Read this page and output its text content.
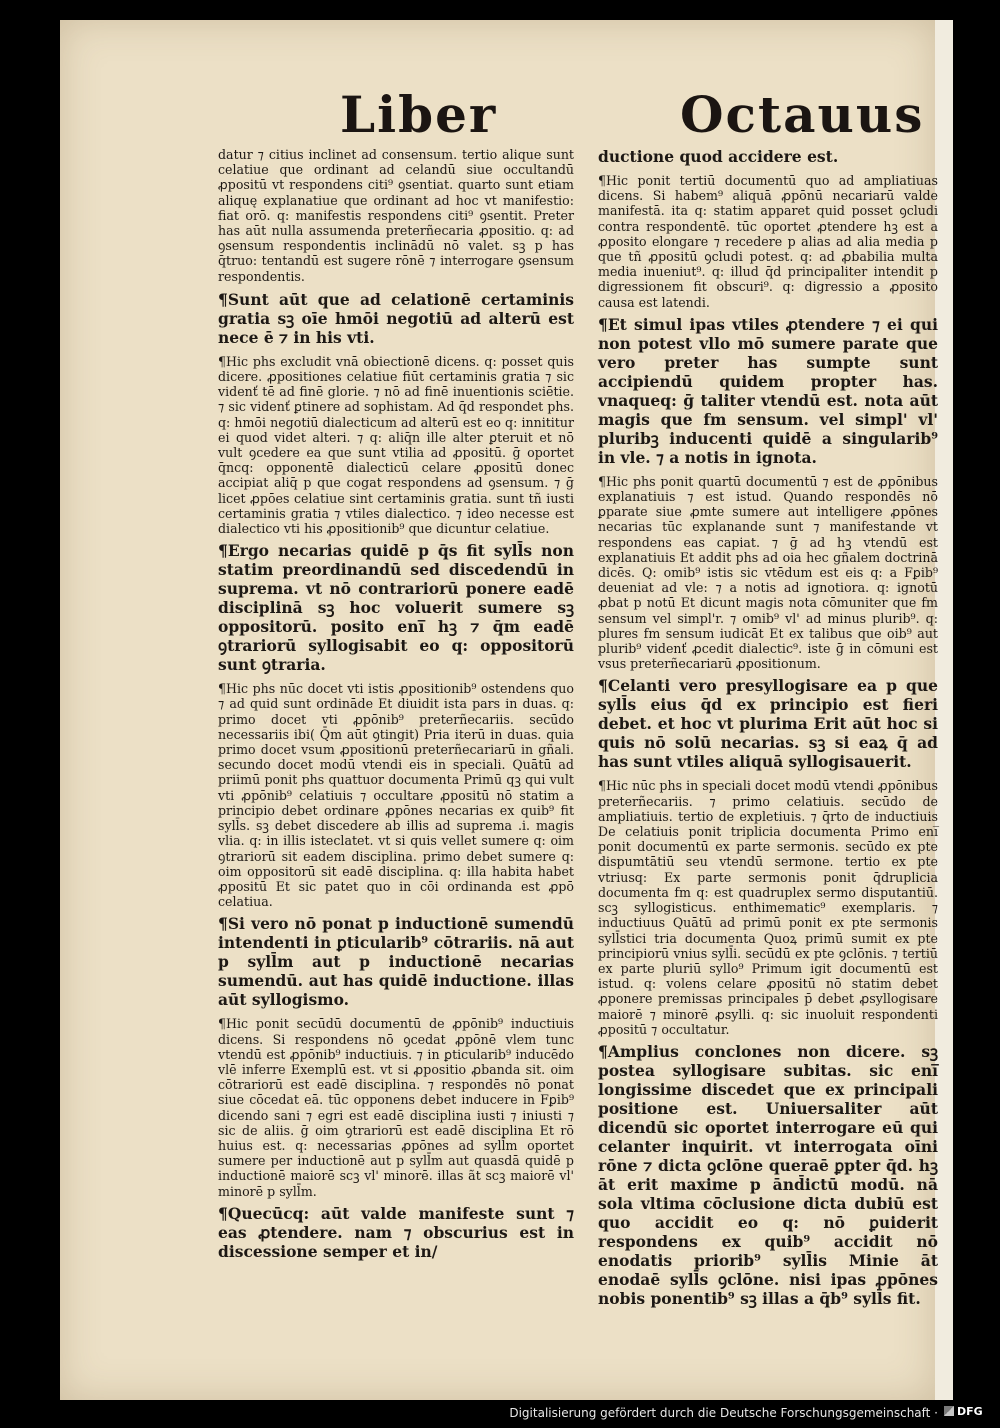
Liber	Octauus

datur ⁊ citius inclinet ad consensum. tertio alique sunt celatiue que ordinant ad celandū siue occultandū ꝓpositū vt respondens citi⁹ ꝯsentiat. quarto sunt etiam aliquę explanatiue que ordinant ad hoc vt manifestio: fiat orō. q: manifestis respondens citi⁹ ꝯsentit. Preter has aūt nulla assumenda preterñecaria ꝓpositio. q: ad ꝯsensum respondentis inclinādū nō valet. sꝫ p has q̄truo: tentandū est sugere rōnē ⁊ interrogare ꝯsensum respondentis.

¶Sunt aūt que ad celationē certaminis gratia sꝫ oīe hmōi negotiū ad alterū est nece ē ⁊ in his vti.

¶Hic phs excludit vnā obiectionē dicens. q: posset quis dicere. ꝓpositiones celatiue fiūt certaminis gratia ⁊ sic videnť tē ad finē glorie. ⁊ nō ad finē inuentionis sciētie. ⁊ sic videnť ꝑtinere ad sophistam. Ad q̄d respondet phs. q: hmōi negotiū dialecticum ad alterū est eo q: innititur ei quod videt alteri. ⁊ q: aliq̄n ille alter ꝑteruit et nō vult ꝯcedere ea que sunt vtilia ad ꝓpositū. ḡ oportet q̄ncq: opponentē dialecticū celare ꝓpositū donec accipiat aliq̄ p que cogat respondens ad ꝯsensum. ⁊ ḡ licet ꝓpōes celatiue sint certaminis gratia. sunt tñ iusti certaminis gratia ⁊ vtiles dialectico. ⁊ ideo necesse est dialectico vti his ꝓpositionib⁹ que dicuntur celatiue.

¶Ergo necarias quidē p q̄s fit syll̄s non statim preordinandū sed discedendū in suprema. vt nō contrariorū ponere eadē disciplinā sꝫ hoc voluerit sumere sꝫ oppositorū. posito eni̅ hꝫ ⁊ q̄m eadē ꝯtrariorū syllogisabit eo q: oppositorū sunt ꝯtraria.

¶Hic phs nūc docet vti istis ꝓpositionib⁹ ostendens quo ⁊ ad quid sunt ordināde Et diuidit ista pars in duas. q: primo docet vti ꝓpōnib⁹ preterñecariis. secūdo necessariis ibi( Q̄m aūt ꝯtingit) Pria iterū in duas. quia primo docet vsum ꝓpositionū preterñecariarū in gñali. secundo docet modū vtendi eis in speciali. Quātū ad priimū ponit phs quattuor documenta Primū qꝫ qui vult vti ꝓpōnib⁹ celatiuis ⁊ occultare ꝓpositū nō statim a principio debet ordinare ꝓpōnes necarias ex quib⁹ fit syll̄s. sꝫ debet discedere ab illis ad suprema .i. magis vlia. q: in illis isteclatet. vt si quis vellet sumere q: oim ꝯtrariorū sit eadem disciplina. primo debet sumere q: oim oppositorū sit eadē disciplina. q: illa habita habet ꝓpositū Et sic patet quo in cōi ordinanda est ꝓpō celatiua.

¶Si vero nō ponat p inductionē sumendū intendenti in ꝑticularib⁹ cōtrariis. nā aut p syll̄m aut p inductionē necarias sumendū. aut has quidē inductione. illas aūt syllogismo.

¶Hic ponit secūdū documentū de ꝓpōnib⁹ inductiuis dicens. Si respondens nō ꝯcedat ꝓpōnē vlem tunc vtendū est ꝓpōnib⁹ inductiuis. ⁊ in ꝑticularib⁹ inducēdo vlē inferre Exemplū est. vt si ꝓpositio ꝓbanda sit. oim cōtrariorū est eadē disciplina. ⁊ respondēs nō ponat siue cōcedat eā. tūc opponens debet inducere in Fꝑib⁹ dicendo sani ⁊ egri est eadē disciplina iusti ⁊ iniusti ⁊ sic de aliis. ḡ oim ꝯtrariorū est eadē disciplina Et rō huius est. q: necessarias ꝓpōnes ad syll̄m oportet sumere per inductionē aut p syll̄m aut quasdā quidē p inductionē maiorē scꝫ vl' minorē. illas ãt scꝫ maiorē vl' minorē p syll̄m.

¶Quecūcq: aūt valde manifeste sunt ⁊ eas ꝓtendere. nam ⁊ obscurius est in discessione semper et in/

ductione quod accidere est.

¶Hic ponit tertiū documentū quo ad ampliatiuas dicens. Si habem⁹ aliquā ꝓpōnū necariarū valde manifestā. ita q: statim apparet quid posset ꝯcludi contra respondentē. tūc oportet ꝓtendere hꝫ est a ꝓposito elongare ⁊ recedere p alias ad alia media p que tñ ꝓpositū ꝯcludi potest. q: ad ꝓbabilia multa media inueniut⁹. q: illud q̄d principaliter intendit p digressionem fit obscuri⁹. q: digressio a ꝓposito causa est latendi.

¶Et simul ipas vtiles ꝓtendere ⁊ ei qui non potest vllo mō sumere parate que vero preter has sumpte sunt accipiendū quidem propter has. vnaqueq: ḡ taliter vtendū est. nota aūt magis que fm sensum. vel simpl' vl' pluribꝫ inducenti quidē a singularib⁹ in vle. ⁊ a notis in ignota.

¶Hic phs ponit quartū documentū ⁊ est de ꝓpōnibus explanatiuis ⁊ est istud. Quando respondēs nō ꝑparate siue ꝓmte sumere aut intelligere ꝓpōnes necarias tūc explanande sunt ⁊ manifestande vt respondens eas capiat. ⁊ ḡ ad hꝫ vtendū est explanatiuis Et addit phs ad oia hec gñalem doctrinā dicēs. Q: omib⁹ istis sic vtēdum est eis q: a Fꝑib⁹ deueniat ad vle: ⁊ a notis ad ignotiora. q: ignotū ꝓbat p notū Et dicunt magis nota cōmuniter que fm sensum vel simpl'r. ⁊ omib⁹ vl' ad minus plurib⁹. q: plures fm sensum iudicāt Et ex talibus que oib⁹ aut plurib⁹ videnť ꝓcedit dialectic⁹. iste ḡ in cōmuni est vsus preterñecariarū ꝓpositionum.

¶Celanti vero presyllogisare ea p que syll̄s eius q̄d ex principio est fieri debet. et hoc vt plurima Erit aūt hoc si quis nō solū necarias. sꝫ si eaꝝ q̄ ad has sunt vtiles aliquā syllogisauerit.

¶Hic nūc phs in speciali docet modū vtendi ꝓpōnibus preterñecariis. ⁊ primo celatiuis. secūdo de ampliatiuis. tertio de expletiuis. ⁊ q̄rto de inductiuis De celatiuis ponit triplicia documenta Primo eni̅ ponit documentū ex parte sermonis. secūdo ex pte dispumtātiū seu vtendū sermone. tertio ex pte vtriusq: Ex parte sermonis ponit q̄druplicia documenta fm q: est quadruplex sermo disputantiū. scꝫ syllogisticus. enthimematic⁹ exemplaris. ⁊ inductiuus Quātū ad primū ponit ex pte sermonis syll̄stici tria documenta Quoꝝ primū sumit ex pte principiorū vnius syll̄i. secūdū ex pte ꝯclōnis. ⁊ tertiū ex parte pluriū syllo⁹ Primum igit documentū est istud. q: volens celare ꝓpositū nō statim debet ꝓponere premissas principales p̄ debet ꝓsyllogisare maiorē ⁊ minorē ꝓsylli. q: sic inuoluit respondenti ꝓpositū ⁊ occultatur.

¶Amplius conclones non dicere. sꝫ postea syllogisare subitas. sic eni̅ longissime discedet que ex principali positione est. Uniuersaliter aūt dicendū sic oportet interrogare eū qui celanter inquirit. vt interrogata oīni rōne ⁊ dicta ꝯclōne queraē ꝑpter q̄d. hꝫ āt erit maxime p ānd̄ictū modū. nā sola vltima cōclusione dicta dubiū est quo accidit eo q: nō ꝑuiderit respondens ex quib⁹ accidit nō enodatis priorib⁹ syll̄is Minie āt enodaē syll̄s ꝯclōne. nisi ipas ꝓpōnes nobis ponentib⁹ sꝫ illas a q̄b⁹ syll̄s fit.

Digitalisierung gefördert durch die Deutsche Forschungsgemeinschaft ·	DFG
